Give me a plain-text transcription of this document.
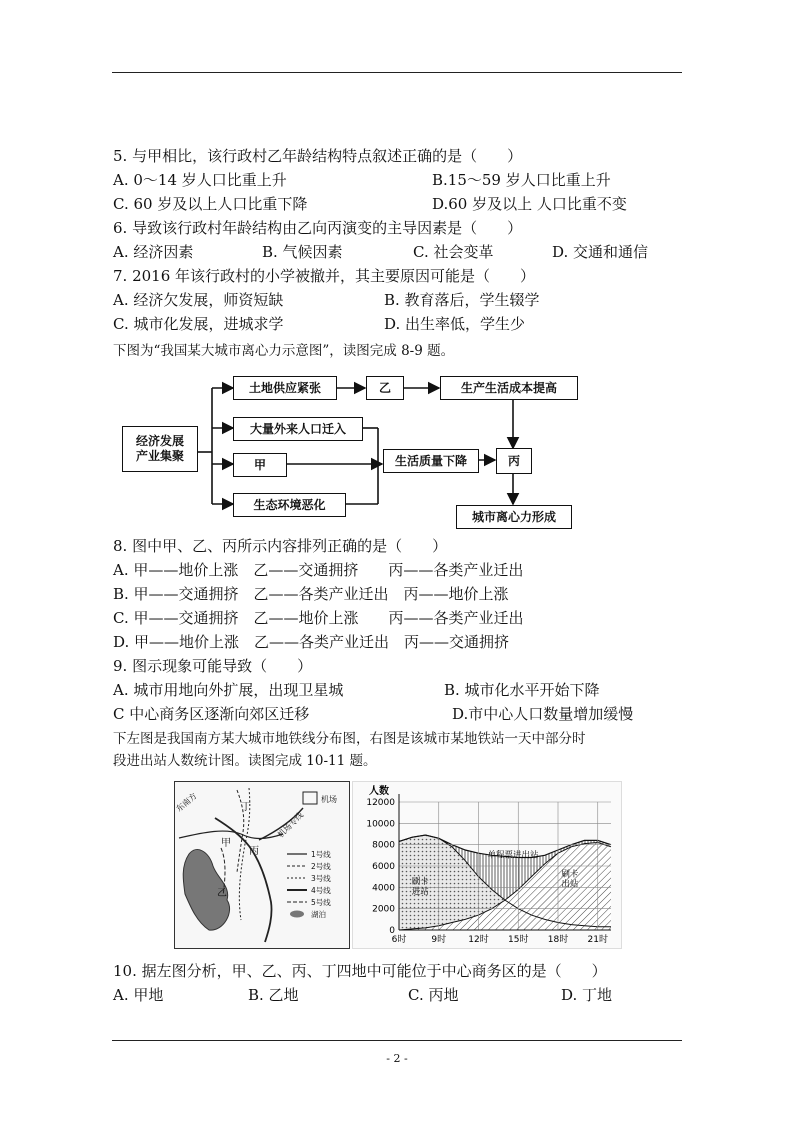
5. 与甲相比，该行政村乙年龄结构特点叙述正确的是（　　）
A. 0～14 岁人口比重上升	B.15～59 岁人口比重上升
C. 60 岁及以上人口比重下降	D.60 岁及以上 人口比重不变
6. 导致该行政村年龄结构由乙向丙演变的主导因素是（　　）
A. 经济因素	B. 气候因素	C. 社会变革	D. 交通和通信
7. 2016 年该行政村的小学被撤并，其主要原因可能是（　　）
A. 经济欠发展，师资短缺	B. 教育落后，学生辍学
C. 城市化发展，进城求学	D. 出生率低，学生少
下图为“我国某大城市离心力示意图”，读图完成 8-9 题。
经济发展
产业集聚
土地供应紧张	乙	生产生活成本提高
大量外来人口迁入
甲	生活质量下降	丙
生态环境恶化
城市离心力形成
8. 图中甲、乙、丙所示内容排列正确的是（　　）
A. 甲——地价上涨　乙——交通拥挤　　丙——各类产业迁出
B. 甲——交通拥挤　乙——各类产业迁出　丙——地价上涨
C. 甲——交通拥挤　乙——地价上涨　　丙——各类产业迁出
D. 甲——地价上涨　乙——各类产业迁出　丙——交通拥挤
9. 图示现象可能导致（　　）
A. 城市用地向外扩展，出现卫星城	B. 城市化水平开始下降
C 中心商务区逐渐向郊区迁移	D.市中心人口数量增加缓慢
下左图是我国南方某大城市地铁线分布图，右图是该城市某地铁站一天中部分时
段进出站人数统计图。读图完成 10-11 题。
丁
甲
丙
乙
机场
机场专线
东南方
1号线
2号线
3号线
4号线
5号线
湖泊
12000
10000
8000
6000
4000
2000
0
6时	9时 12时 15时 18时 21时
人数
单程票进出站
刷卡进站
刷卡出站
10. 据左图分析，甲、乙、丙、丁四地中可能位于中心商务区的是（　　）
A. 甲地	B. 乙地	C. 丙地	D. 丁地
- 2 -
